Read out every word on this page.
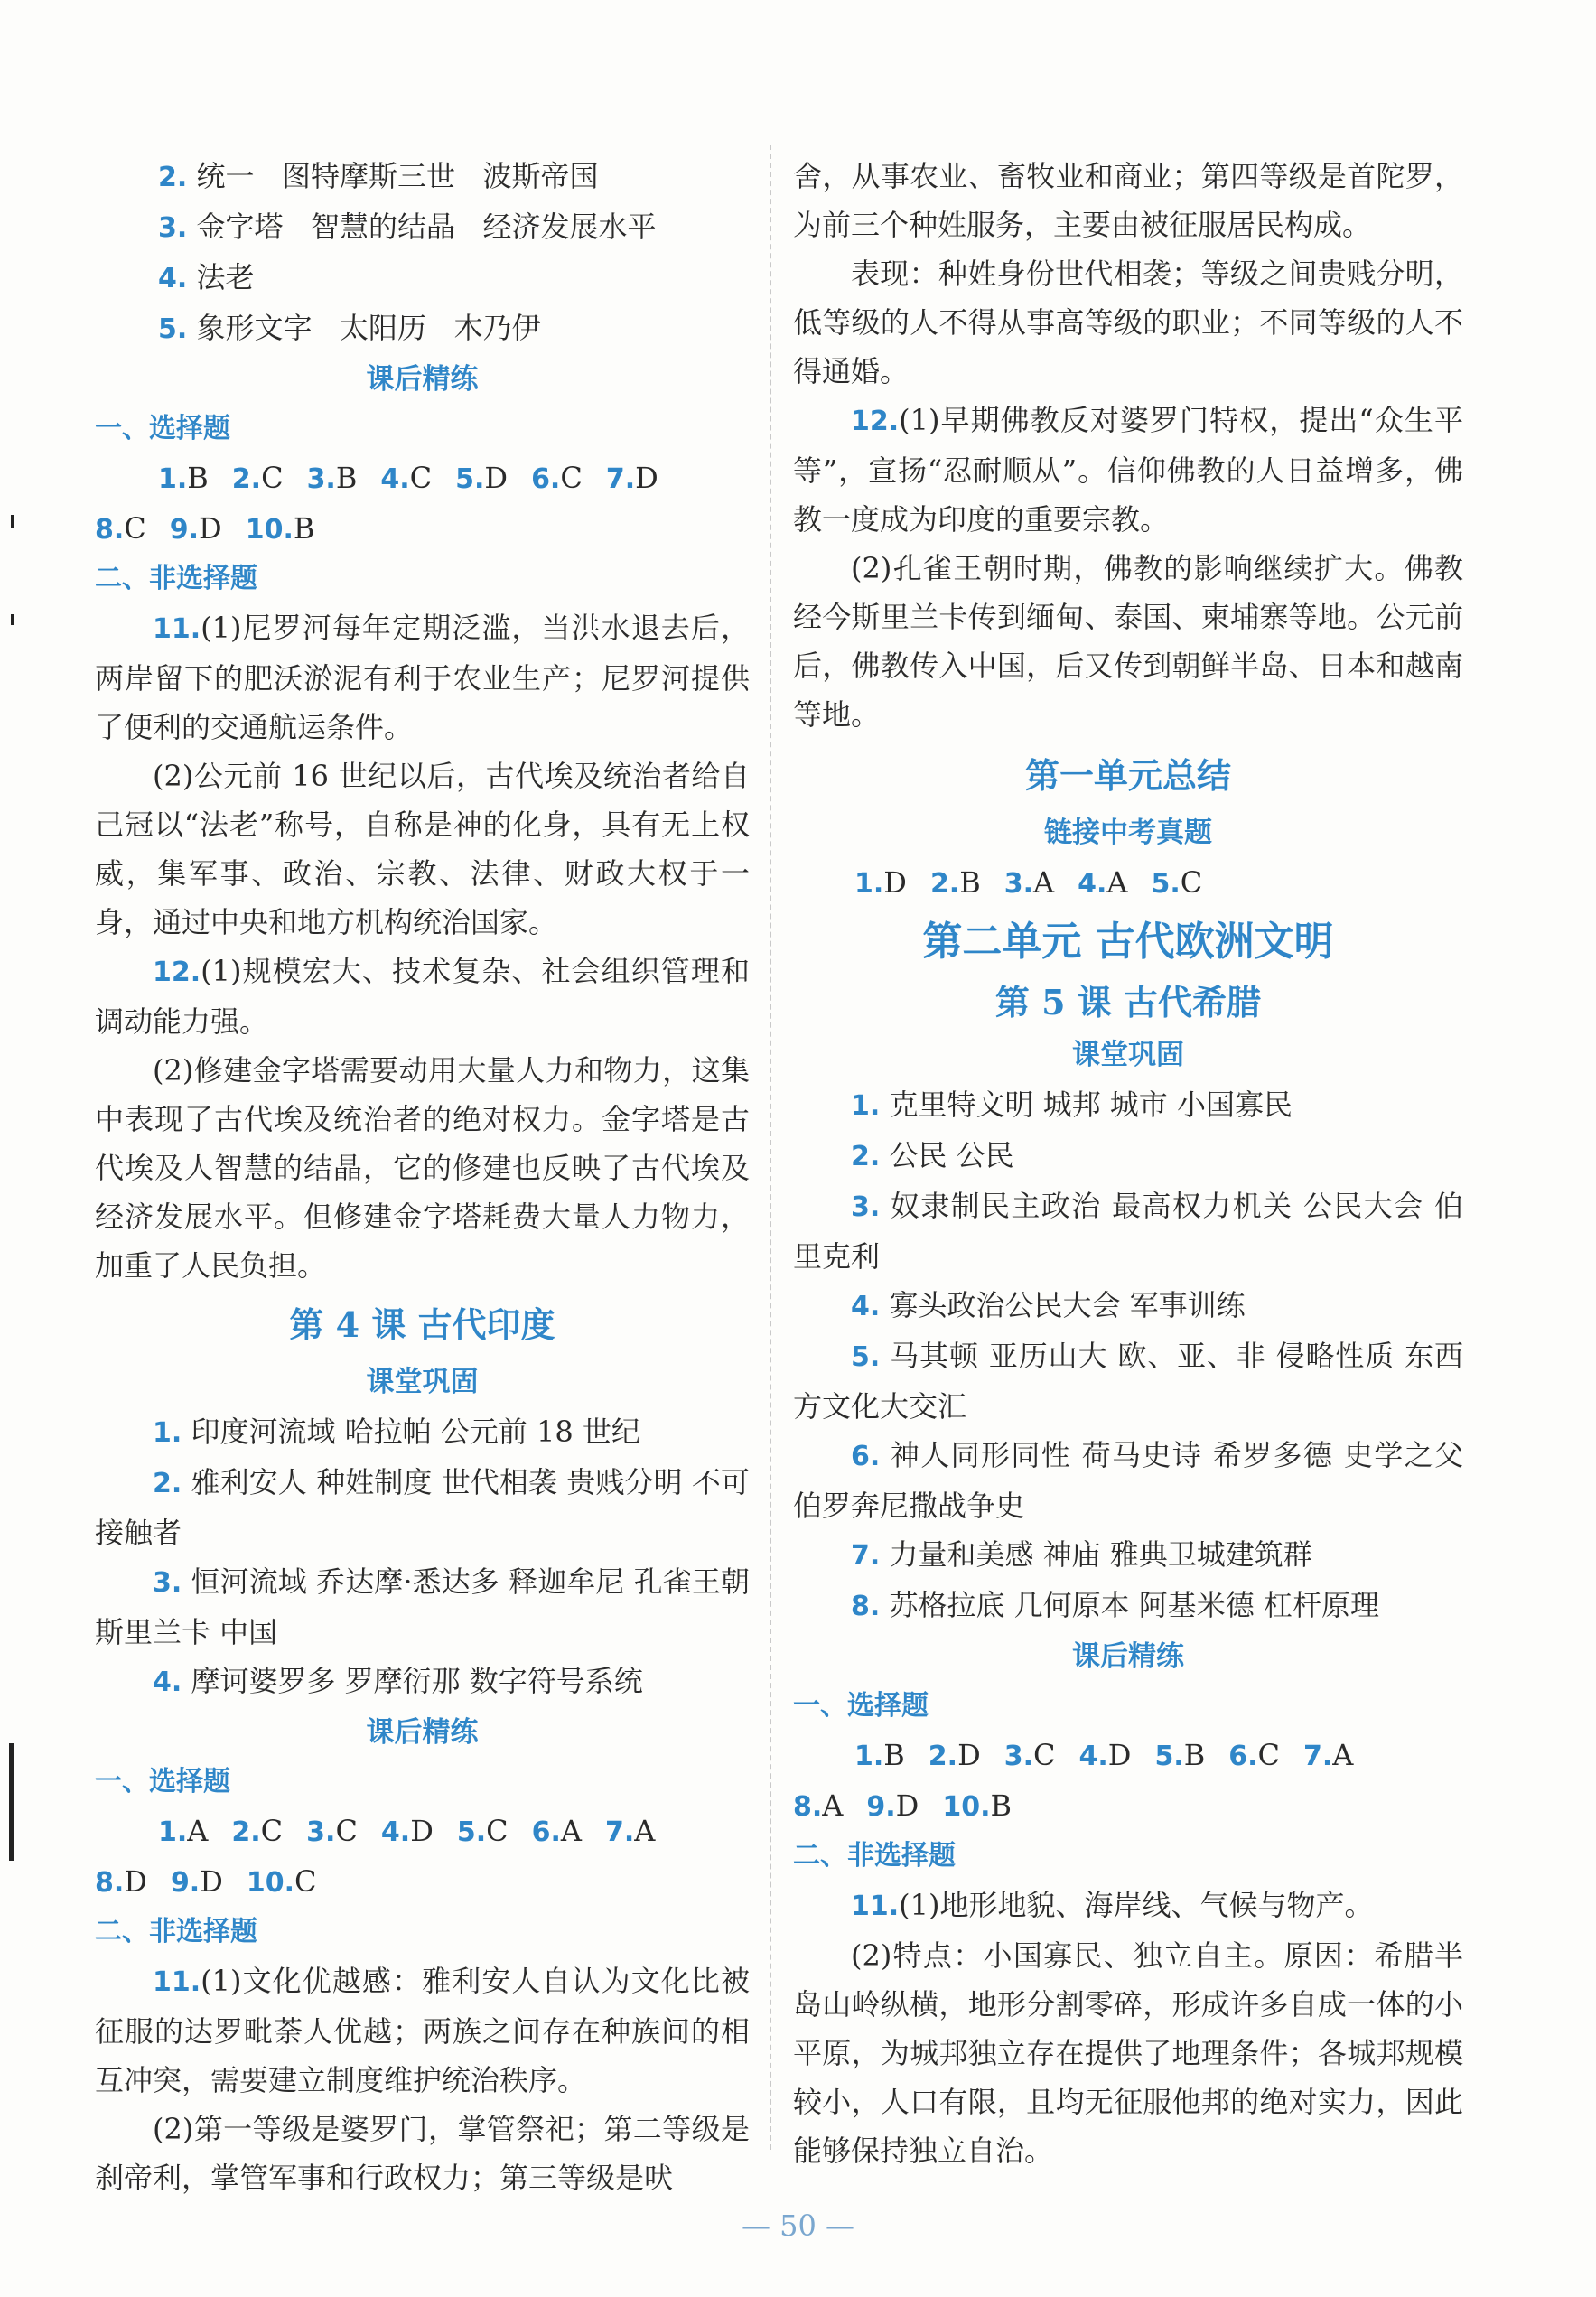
2. 统一   图特摩斯三世   波斯帝国

3. 金字塔   智慧的结晶   经济发展水平

4. 法老

5. 象形文字   太阳历   木乃伊

课后精练

一、选择题

1.B 2.C 3.B 4.C 5.D 6.C 7.D

8.C 9.D 10.B

二、非选择题

11.(1)尼罗河每年定期泛滥，当洪水退去后，两岸留下的肥沃淤泥有利于农业生产；尼罗河提供了便利的交通航运条件。

(2)公元前 16 世纪以后，古代埃及统治者给自己冠以“法老”称号，自称是神的化身，具有无上权威，集军事、政治、宗教、法律、财政大权于一身，通过中央和地方机构统治国家。

12.(1)规模宏大、技术复杂、社会组织管理和调动能力强。

(2)修建金字塔需要动用大量人力和物力，这集中表现了古代埃及统治者的绝对权力。金字塔是古代埃及人智慧的结晶，它的修建也反映了古代埃及经济发展水平。但修建金字塔耗费大量人力物力，加重了人民负担。

第 4 课 古代印度

课堂巩固

1. 印度河流域 哈拉帕 公元前 18 世纪

2. 雅利安人 种姓制度 世代相袭 贵贱分明 不可接触者

3. 恒河流域 乔达摩·悉达多 释迦牟尼 孔雀王朝 斯里兰卡 中国

4. 摩诃婆罗多 罗摩衍那 数字符号系统

课后精练

一、选择题

1.A 2.C 3.C 4.D 5.C 6.A 7.A

8.D 9.D 10.C

二、非选择题

11.(1)文化优越感：雅利安人自认为文化比被征服的达罗毗荼人优越；两族之间存在种族间的相互冲突，需要建立制度维护统治秩序。

(2)第一等级是婆罗门，掌管祭祀；第二等级是刹帝利，掌管军事和行政权力；第三等级是吠

舍，从事农业、畜牧业和商业；第四等级是首陀罗，为前三个种姓服务，主要由被征服居民构成。

表现：种姓身份世代相袭；等级之间贵贱分明，低等级的人不得从事高等级的职业；不同等级的人不得通婚。

12.(1)早期佛教反对婆罗门特权，提出“众生平等”，宣扬“忍耐顺从”。信仰佛教的人日益增多，佛教一度成为印度的重要宗教。

(2)孔雀王朝时期，佛教的影响继续扩大。佛教经今斯里兰卡传到缅甸、泰国、柬埔寨等地。公元前后，佛教传入中国，后又传到朝鲜半岛、日本和越南等地。

第一单元总结

链接中考真题

1.D 2.B 3.A 4.A 5.C

第二单元 古代欧洲文明

第 5 课 古代希腊

课堂巩固

1. 克里特文明 城邦 城市 小国寡民

2. 公民 公民

3. 奴隶制民主政治 最高权力机关 公民大会 伯里克利

4. 寡头政治公民大会 军事训练

5. 马其顿 亚历山大 欧、亚、非 侵略性质 东西方文化大交汇

6. 神人同形同性 荷马史诗 希罗多德 史学之父 伯罗奔尼撒战争史

7. 力量和美感 神庙 雅典卫城建筑群

8. 苏格拉底 几何原本 阿基米德 杠杆原理

课后精练

一、选择题

1.B 2.D 3.C 4.D 5.B 6.C 7.A

8.A 9.D 10.B

二、非选择题

11.(1)地形地貌、海岸线、气候与物产。

(2)特点：小国寡民、独立自主。原因：希腊半岛山岭纵横，地形分割零碎，形成许多自成一体的小平原，为城邦独立存在提供了地理条件；各城邦规模较小，人口有限，且均无征服他邦的绝对实力，因此能够保持独立自治。

— 50 —
